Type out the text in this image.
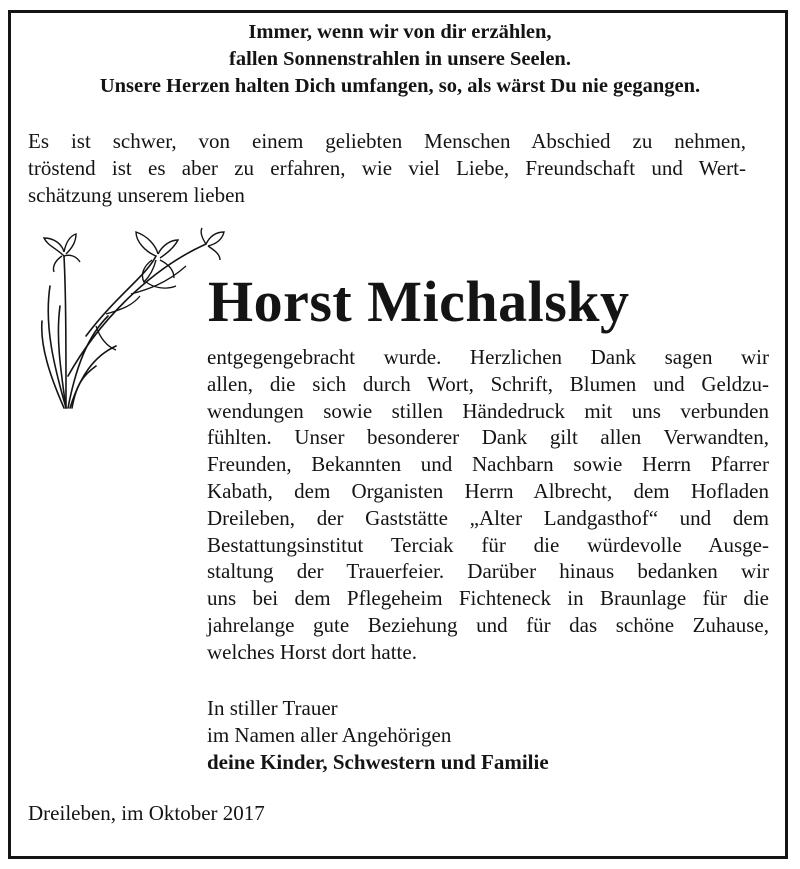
Immer, wenn wir von dir erzählen,
fallen Sonnenstrahlen in unsere Seelen.
Unsere Herzen halten Dich umfangen, so, als wärst Du nie gegangen.
Es ist schwer, von einem geliebten Menschen Abschied zu nehmen,
tröstend ist es aber zu erfahren, wie viel Liebe, Freundschaft und Wert-
schätzung unserem lieben
Horst Michalsky
entgegengebracht wurde. Herzlichen Dank sagen wir
allen, die sich durch Wort, Schrift, Blumen und Geldzu-
wendungen sowie stillen Händedruck mit uns verbunden
fühlten. Unser besonderer Dank gilt allen Verwandten,
Freunden, Bekannten und Nachbarn sowie Herrn Pfarrer
Kabath, dem Organisten Herrn Albrecht, dem Hofladen
Dreileben, der Gaststätte „Alter Landgasthof“ und dem
Bestattungsinstitut Terciak für die würdevolle Ausge-
staltung der Trauerfeier. Darüber hinaus bedanken wir
uns bei dem Pflegeheim Fichteneck in Braunlage für die
jahrelange gute Beziehung und für das schöne Zuhause,
welches Horst dort hatte.
In stiller Trauer
im Namen aller Angehörigen
deine Kinder, Schwestern und Familie
Dreileben, im Oktober 2017
